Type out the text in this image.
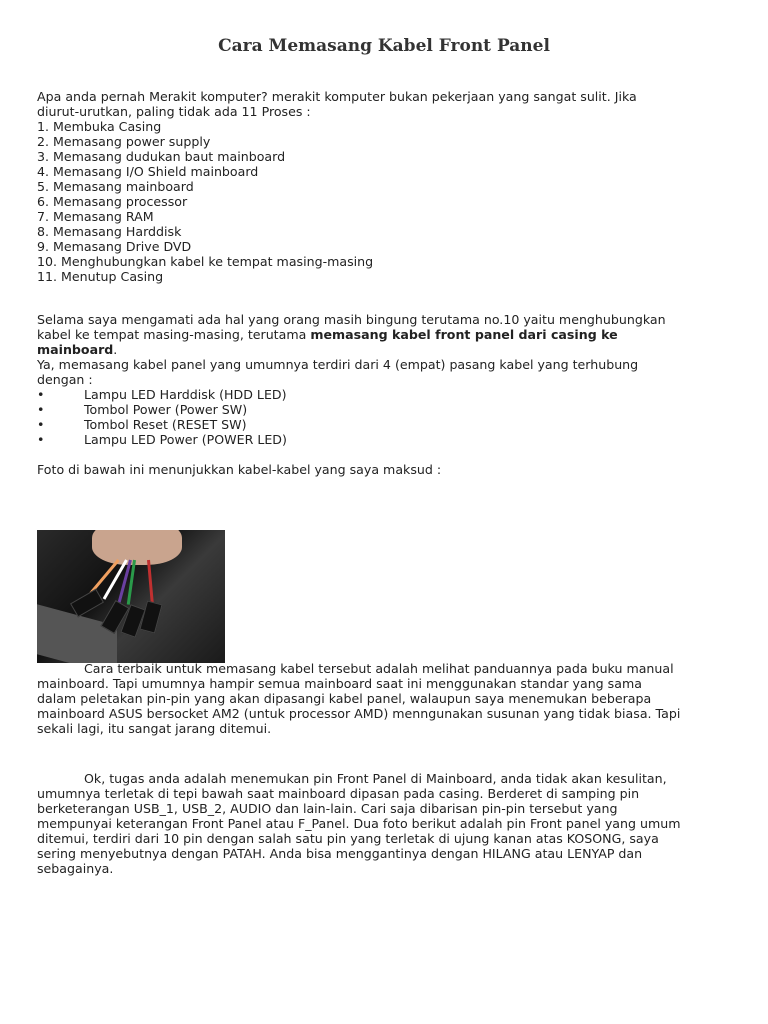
Cara Memasang Kabel Front Panel
Apa anda pernah Merakit komputer? merakit komputer bukan pekerjaan yang sangat sulit. Jika
diurut-urutkan, paling tidak ada 11 Proses :
1. Membuka Casing
2. Memasang power supply
3. Memasang dudukan baut mainboard
4. Memasang I/O Shield mainboard
5. Memasang mainboard
6. Memasang processor
7. Memasang RAM
8. Memasang Harddisk
9. Memasang Drive DVD
10. Menghubungkan kabel ke tempat masing-masing
11. Menutup Casing
Selama saya mengamati ada hal yang orang masih bingung terutama no.10 yaitu menghubungkan
kabel ke tempat masing-masing, terutama memasang kabel front panel dari casing ke
mainboard.
Ya, memasang kabel panel yang umumnya terdiri dari 4 (empat) pasang kabel yang terhubung
dengan :
•	Lampu LED Harddisk (HDD LED)
•	Tombol Power (Power SW)
•	Tombol Reset (RESET SW)
•	Lampu LED Power (POWER LED)
Foto di bawah ini menunjukkan kabel-kabel yang saya maksud :
Cara terbaik untuk memasang kabel tersebut adalah melihat panduannya pada buku manual
mainboard. Tapi umumnya hampir semua mainboard saat ini menggunakan standar yang sama
dalam peletakan pin-pin yang akan dipasangi kabel panel, walaupun saya menemukan beberapa
mainboard ASUS bersocket AM2 (untuk processor AMD) menngunakan susunan yang tidak biasa. Tapi
sekali lagi, itu sangat jarang ditemui.
Ok, tugas anda adalah menemukan pin Front Panel di Mainboard, anda tidak akan kesulitan,
umumnya terletak di tepi bawah saat mainboard dipasan pada casing. Berderet di samping pin
berketerangan USB_1, USB_2, AUDIO dan lain-lain. Cari saja dibarisan pin-pin tersebut yang
mempunyai keterangan Front Panel atau F_Panel. Dua foto berikut adalah pin Front panel yang umum
ditemui, terdiri dari 10 pin dengan salah satu pin yang terletak di ujung kanan atas KOSONG, saya
sering menyebutnya dengan PATAH. Anda bisa menggantinya dengan HILANG atau LENYAP dan
sebagainya.
